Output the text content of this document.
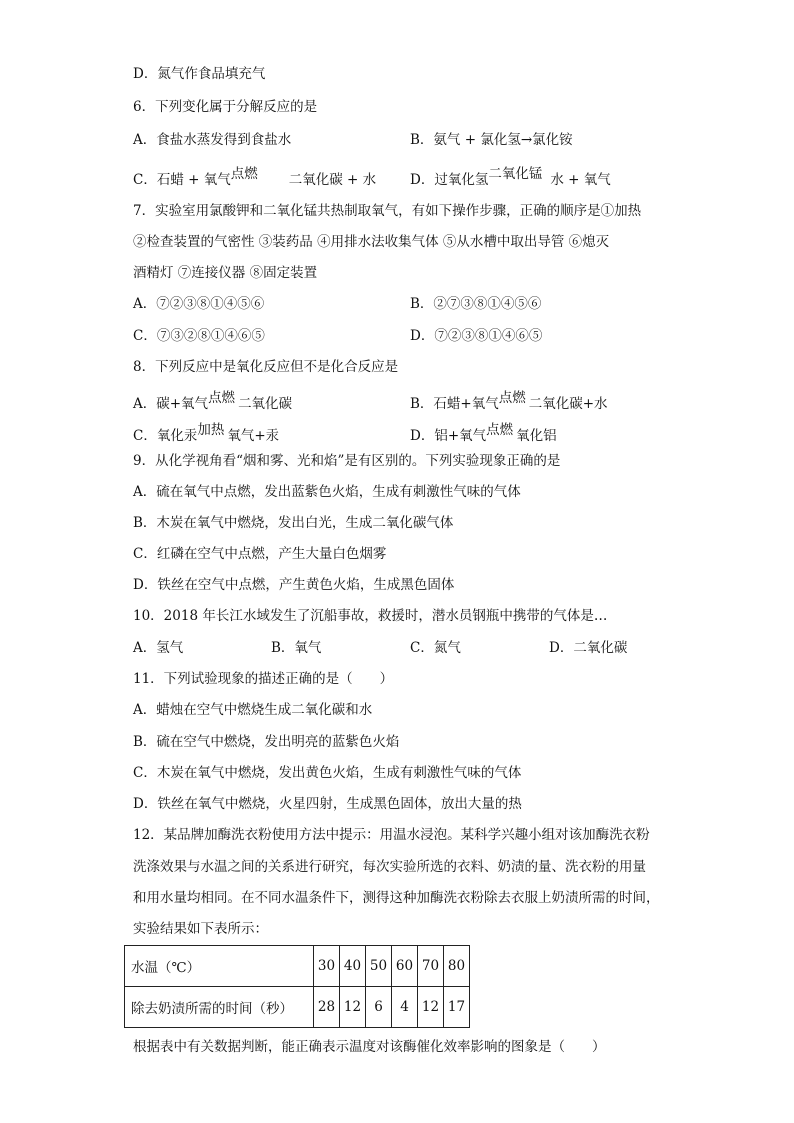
D．氮气作食品填充气
6．下列变化属于分解反应的是
A．食盐水蒸发得到食盐水	B．氨气 + 氯化氢→氯化铵
C．石蜡 + 氧气 点燃	二氧化碳 + 水	D．过氧化氢 二氧化锰 水 + 氧气
7．实验室用氯酸钾和二氧化锰共热制取氧气，有如下操作步骤，正确的顺序是①加热
②检查装置的气密性 ③装药品 ④用排水法收集气体 ⑤从水槽中取出导管 ⑥熄灭
酒精灯 ⑦连接仪器 ⑧固定装置
A．⑦②③⑧①④⑤⑥	B．②⑦③⑧①④⑤⑥
C．⑦③②⑧①④⑥⑤	D．⑦②③⑧①④⑥⑤
8．下列反应中是氧化反应但不是化合反应是
A．碳+氧气 点燃 二氧化碳	B．石蜡+氧气 点燃 二氧化碳+水
C．氧化汞 加热 氧气+汞	D．铝+氧气 点燃 氧化铝
9．从化学视角看“烟和雾、光和焰”是有区别的。下列实验现象正确的是
A．硫在氧气中点燃，发出蓝紫色火焰，生成有刺激性气味的气体
B．木炭在氧气中燃烧，发出白光，生成二氧化碳气体
C．红磷在空气中点燃，产生大量白色烟雾
D．铁丝在空气中点燃，产生黄色火焰，生成黑色固体
10．2018 年长江水域发生了沉船事故，救援时，潜水员钢瓶中携带的气体是…
A．氢气	B．氧气	C．氮气	D．二氧化碳
11．下列试验现象的描述正确的是（　　）
A．蜡烛在空气中燃烧生成二氧化碳和水
B．硫在空气中燃烧，发出明亮的蓝紫色火焰
C．木炭在氧气中燃烧，发出黄色火焰，生成有刺激性气味的气体
D．铁丝在氧气中燃烧，火星四射，生成黑色固体，放出大量的热
12．某品牌加酶洗衣粉使用方法中提示：用温水浸泡。某科学兴趣小组对该加酶洗衣粉
洗涤效果与水温之间的关系进行研究，每次实验所选的衣料、奶渍的量、洗衣粉的用量
和用水量均相同。在不同水温条件下，测得这种加酶洗衣粉除去衣服上奶渍所需的时间，
实验结果如下表所示：
水温（℃）	30	40	50	60	70	80
除去奶渍所需的时间（秒）	28	12	6	4	12	17
根据表中有关数据判断，能正确表示温度对该酶催化效率影响的图象是（　　）
